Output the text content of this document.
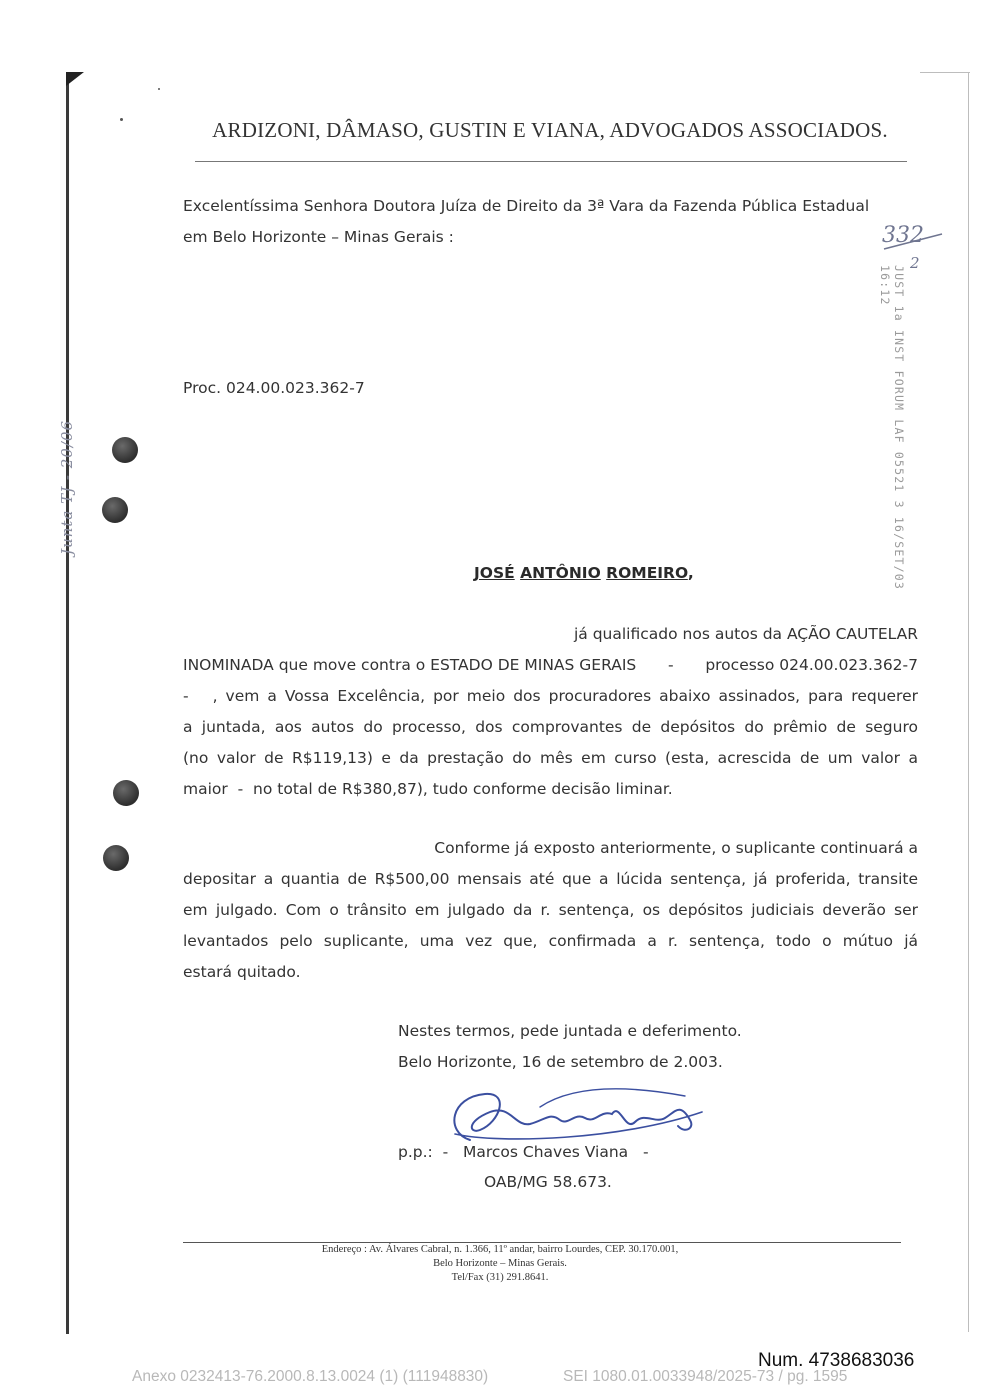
ARDIZONI, DÂMASO, GUSTIN E VIANA, ADVOGADOS ASSOCIADOS.
Excelentíssima Senhora Doutora Juíza de Direito da 3ª Vara da Fazenda Pública Estadual
em Belo Horizonte – Minas Gerais :	332
2
JUST 1a INST FORUM LAF 05521 3 16/SET/03 16:12
Junta TJ - 20/06
Proc. 024.00.023.362-7
JOSÉ ANTÔNIO ROMEIRO,
já qualificado nos autos da AÇÃO CAUTELAR
INOMINADA que move contra o ESTADO DE MINAS GERAIS - processo 024.00.023.362-7
-   , vem a Vossa Excelência, por meio dos procuradores abaixo assinados, para requerer
a juntada, aos autos do processo, dos comprovantes de depósitos do prêmio de seguro
(no valor de R$119,13) e da prestação do mês em curso (esta, acrescida de um valor a
maior  -  no total de R$380,87), tudo conforme decisão liminar.
Conforme já exposto anteriormente, o suplicante continuará a
depositar a quantia de R$500,00 mensais até que a lúcida sentença, já proferida, transite
em julgado. Com o trânsito em julgado da r. sentença, os depósitos judiciais deverão ser
levantados pelo suplicante, uma vez que, confirmada a r. sentença, todo o mútuo já
estará quitado.
Nestes termos, pede juntada e deferimento.
Belo Horizonte, 16 de setembro de 2.003.
p.p.:  - Marcos Chaves Viana -
OAB/MG 58.673.
Endereço : Av. Álvares Cabral, n. 1.366, 11º andar, bairro Lourdes, CEP. 30.170.001,
Belo Horizonte – Minas Gerais.
Tel/Fax (31) 291.8641.
Num. 4738683036
Anexo 0232413-76.2000.8.13.0024 (1) (111948830)	SEI 1080.01.0033948/2025-73 / pg. 1595
